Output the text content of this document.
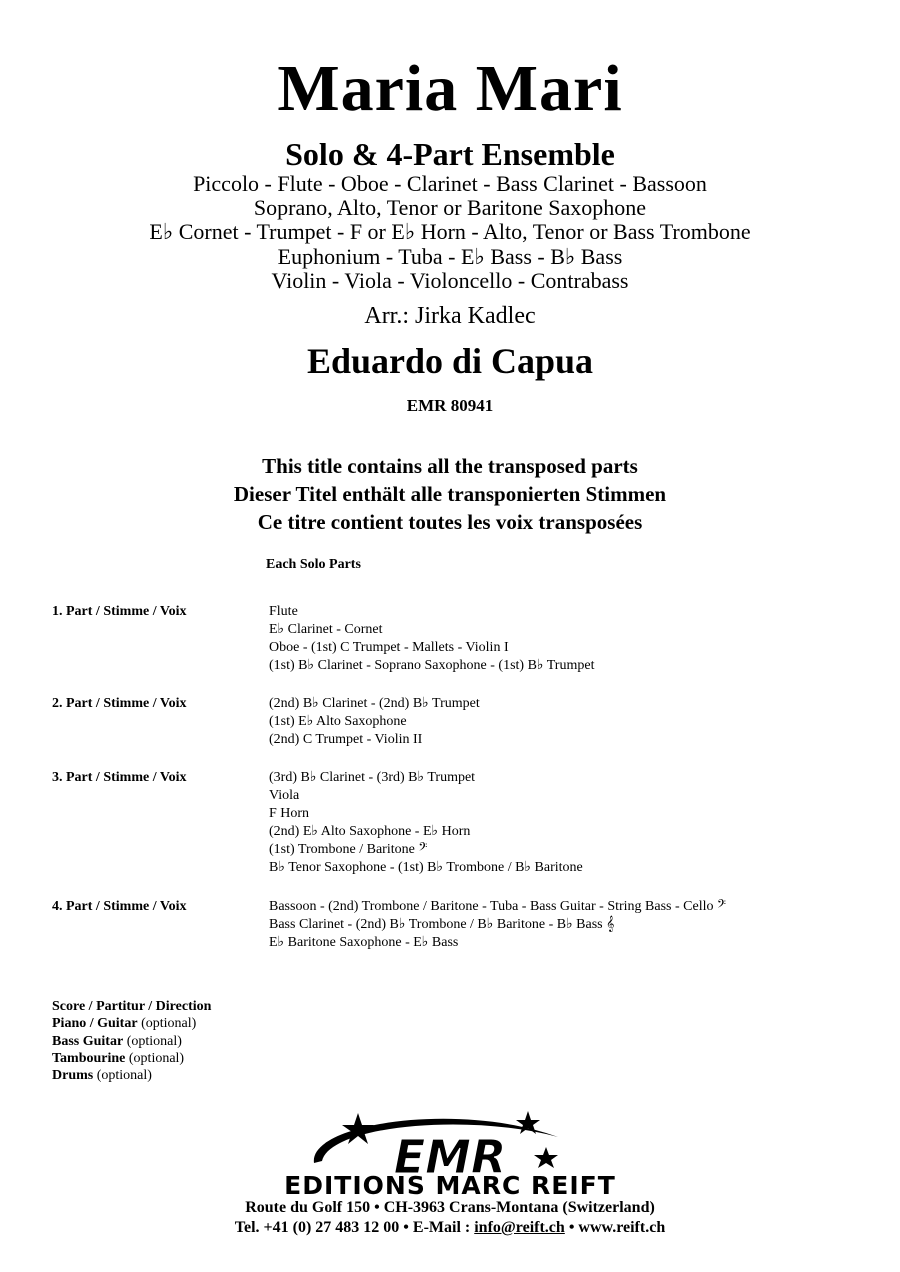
Maria Mari
Solo & 4-Part Ensemble
Piccolo - Flute - Oboe - Clarinet - Bass Clarinet - Bassoon
Soprano, Alto, Tenor or Baritone Saxophone
E♭ Cornet - Trumpet - F or E♭ Horn - Alto, Tenor or Bass Trombone
Euphonium - Tuba - E♭ Bass - B♭ Bass
Violin - Viola - Violoncello - Contrabass
Arr.: Jirka Kadlec
Eduardo di Capua
EMR 80941
This title contains all the transposed parts
Dieser Titel enthält alle transponierten Stimmen
Ce titre contient toutes les voix transposées
Each Solo Parts
1. Part / Stimme / Voix	Flute
E♭ Clarinet - Cornet
Oboe - (1st) C Trumpet - Mallets - Violin I
(1st) B♭ Clarinet - Soprano Saxophone - (1st) B♭ Trumpet
2. Part / Stimme / Voix	(2nd) B♭ Clarinet - (2nd) B♭ Trumpet
(1st) E♭ Alto Saxophone
(2nd) C Trumpet - Violin II
3. Part / Stimme / Voix	(3rd) B♭ Clarinet - (3rd) B♭ Trumpet
Viola
F Horn
(2nd) E♭ Alto Saxophone - E♭ Horn
(1st) Trombone / Baritone 𝄢
B♭ Tenor Saxophone - (1st) B♭ Trombone / B♭ Baritone
4. Part / Stimme / Voix	Bassoon - (2nd) Trombone / Baritone - Tuba - Bass Guitar - String Bass - Cello 𝄢
Bass Clarinet - (2nd) B♭ Trombone / B♭ Baritone - B♭ Bass 𝄞
E♭ Baritone Saxophone - E♭ Bass
Score / Partitur / Direction
Piano / Guitar (optional)
Bass Guitar (optional)
Tambourine (optional)
Drums (optional)
EMR
EDITIONS MARC REIFT
Route du Golf 150 • CH-3963 Crans-Montana (Switzerland)
Tel. +41 (0) 27 483 12 00 • E-Mail : info@reift.ch • www.reift.ch
